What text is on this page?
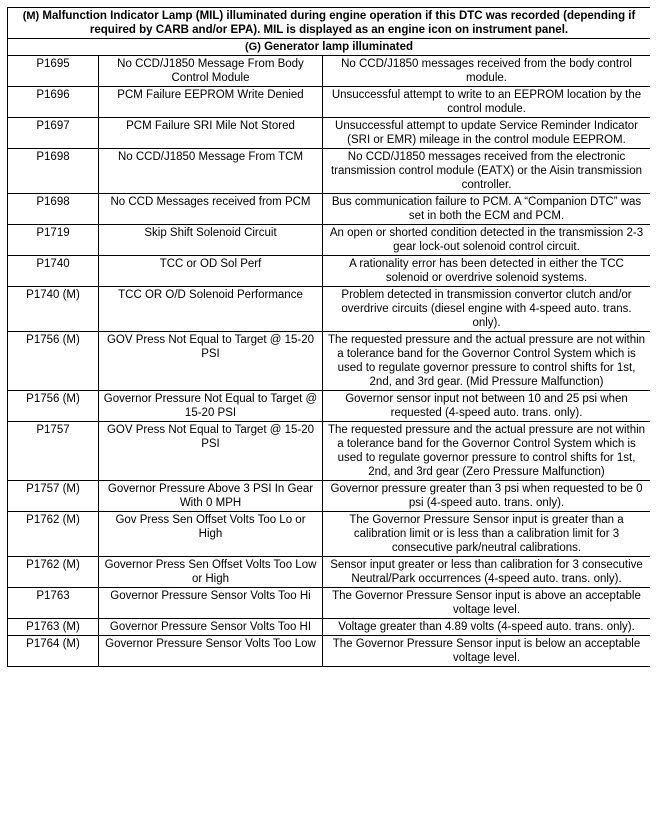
(M) Malfunction Indicator Lamp (MIL) illuminated during engine operation if this DTC was recorded (depending if required by CARB and/or EPA). MIL is displayed as an engine icon on instrument panel.		
(G) Generator lamp illuminated		
P1695	No CCD/J1850 Message From Body Control Module	No CCD/J1850 messages received from the body control module.
P1696	PCM Failure EEPROM Write Denied	Unsuccessful attempt to write to an EEPROM location by the control module.
P1697	PCM Failure SRI Mile Not Stored	Unsuccessful attempt to update Service Reminder Indicator (SRI or EMR) mileage in the control module EEPROM.
P1698	No CCD/J1850 Message From TCM	No CCD/J1850 messages received from the electronic transmission control module (EATX) or the Aisin transmission controller.
P1698	No CCD Messages received from PCM	Bus communication failure to PCM. A “Companion DTC” was set in both the ECM and PCM.
P1719	Skip Shift Solenoid Circuit	An open or shorted condition detected in the transmission 2-3 gear lock-out solenoid control circuit.
P1740	TCC or OD Sol Perf	A rationality error has been detected in either the TCC solenoid or overdrive solenoid systems.
P1740 (M)	TCC OR O/D Solenoid Performance	Problem detected in transmission convertor clutch and/or overdrive circuits (diesel engine with 4-speed auto. trans. only).
P1756 (M)	GOV Press Not Equal to Target @ 15-20 PSI	The requested pressure and the actual pressure are not within a tolerance band for the Governor Control System which is used to regulate governor pressure to control shifts for 1st, 2nd, and 3rd gear. (Mid Pressure Malfunction)
P1756 (M)	Governor Pressure Not Equal to Target @ 15-20 PSI	Governor sensor input not between 10 and 25 psi when requested (4-speed auto. trans. only).
P1757	GOV Press Not Equal to Target @ 15-20 PSI	The requested pressure and the actual pressure are not within a tolerance band for the Governor Control System which is used to regulate governor pressure to control shifts for 1st, 2nd, and 3rd gear (Zero Pressure Malfunction)
P1757 (M)	Governor Pressure Above 3 PSI In Gear With 0 MPH	Governor pressure greater than 3 psi when requested to be 0 psi (4-speed auto. trans. only).
P1762 (M)	Gov Press Sen Offset Volts Too Lo or High	The Governor Pressure Sensor input is greater than a calibration limit or is less than a calibration limit for 3 consecutive park/neutral calibrations.
P1762 (M)	Governor Press Sen Offset Volts Too Low or High	Sensor input greater or less than calibration for 3 consecutive Neutral/Park occurrences (4-speed auto. trans. only).
P1763	Governor Pressure Sensor Volts Too Hi	The Governor Pressure Sensor input is above an acceptable voltage level.
P1763 (M)	Governor Pressure Sensor Volts Too HI	Voltage greater than 4.89 volts (4-speed auto. trans. only).
P1764 (M)	Governor Pressure Sensor Volts Too Low	The Governor Pressure Sensor input is below an acceptable voltage level.
